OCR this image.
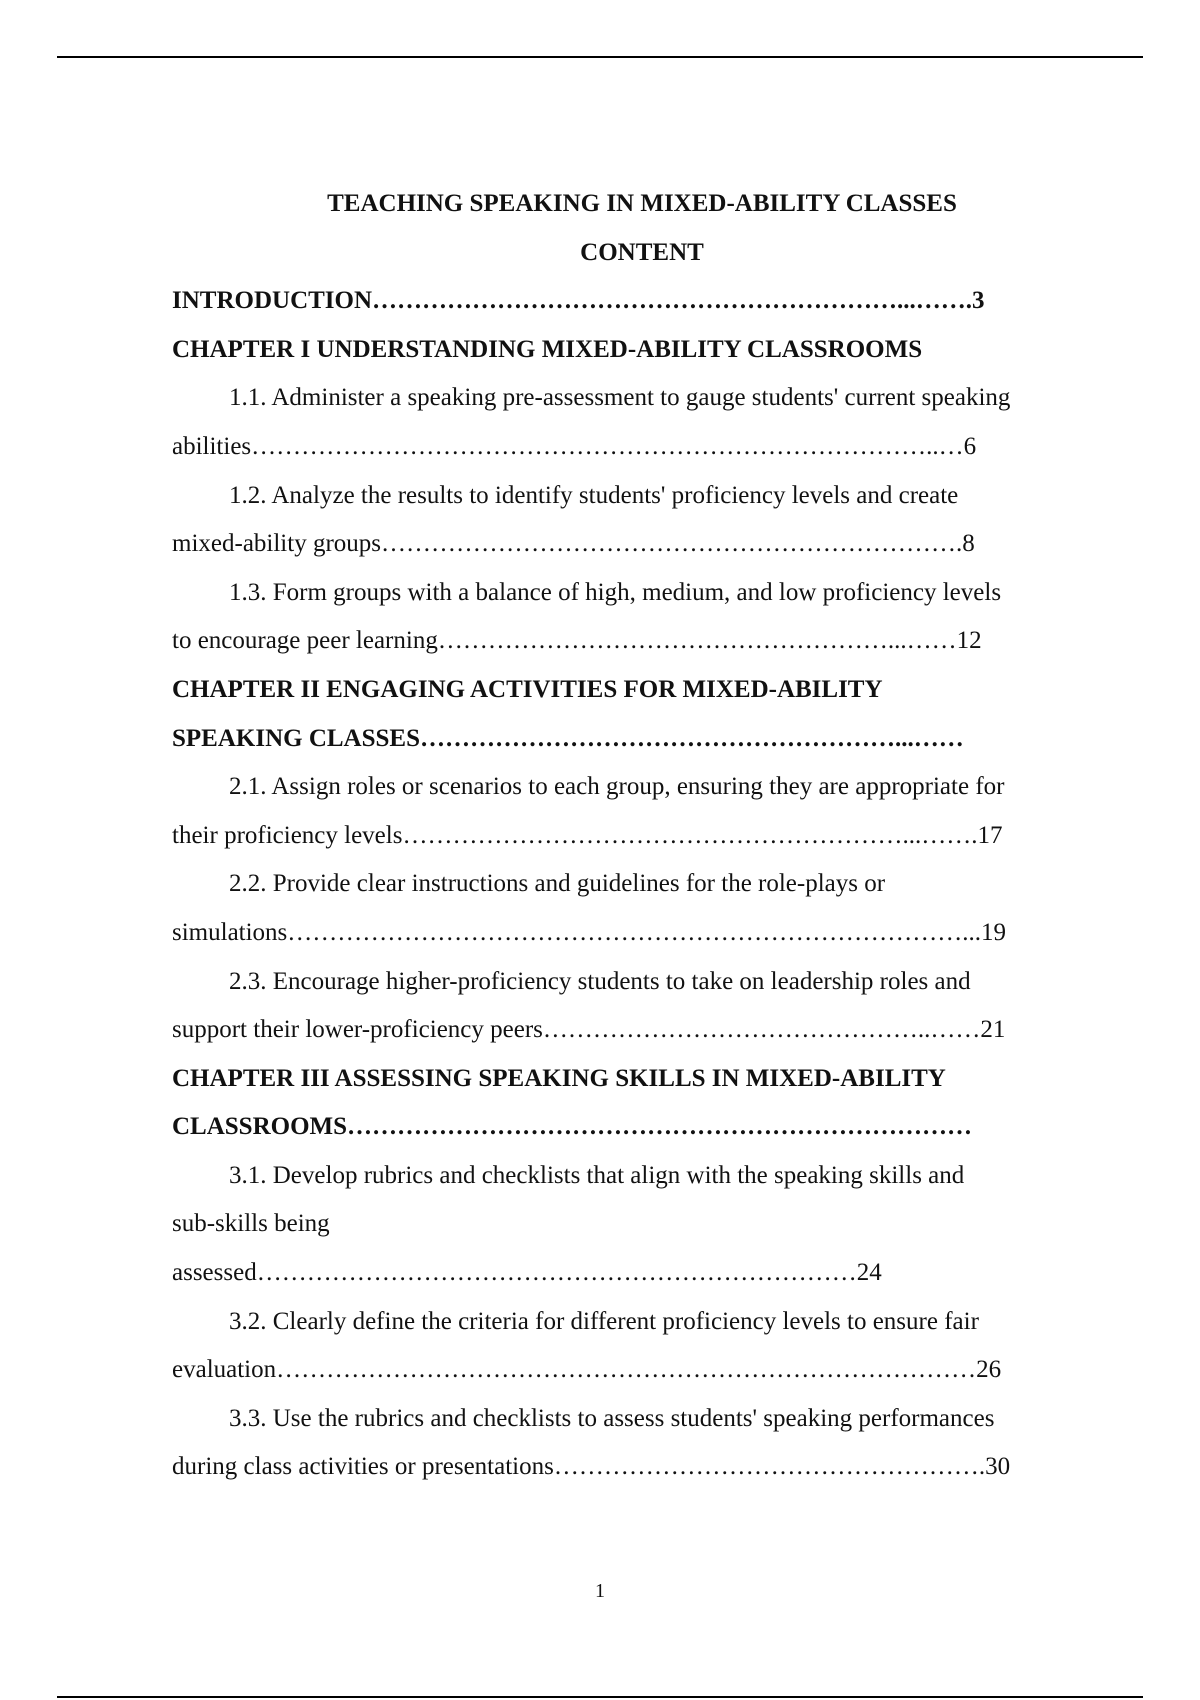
TEACHING SPEAKING IN MIXED-ABILITY CLASSES

CONTENT

INTRODUCTION………………………………………………………...…….3

CHAPTER I UNDERSTANDING MIXED-ABILITY CLASSROOMS

1.1. Administer a speaking pre-assessment to gauge students' current speaking

abilities………………………………………………………………………..…6

1.2. Analyze the results to identify students' proficiency levels and create

mixed-ability groups…………………………………………………………….8

1.3. Form groups with a balance of high, medium, and low proficiency levels

to encourage peer learning………………………………………………...……12

CHAPTER II ENGAGING ACTIVITIES FOR MIXED-ABILITY

SPEAKING CLASSES…………………………………………………...……

2.1. Assign roles or scenarios to each group, ensuring they are appropriate for

their proficiency levels……………………………………………………...…….17

2.2. Provide clear instructions and guidelines for the role-plays or

simulations………………………………………………………………………...19

2.3. Encourage higher-proficiency students to take on leadership roles and

support their lower-proficiency peers………………………………………..……21

CHAPTER III ASSESSING SPEAKING SKILLS IN MIXED-ABILITY

CLASSROOMS…………………………………………………………………

3.1. Develop rubrics and checklists that align with the speaking skills and

sub-skills being

assessed………………………………………………………………24

3.2. Clearly define the criteria for different proficiency levels to ensure fair

evaluation…………………………………………………………………………26

3.3. Use the rubrics and checklists to assess students' speaking performances

during class activities or presentations…………………………………………….30

1
